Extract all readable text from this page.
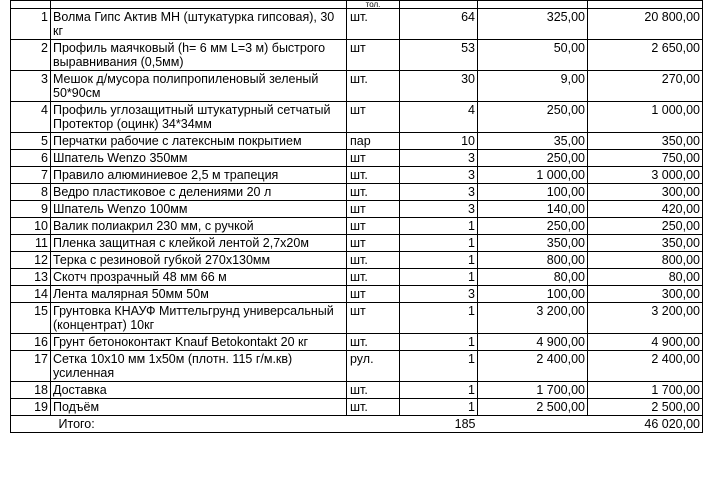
		тол.			
1	Волма Гипс Актив МН (штукатурка гипсовая), 30 кг	шт.	64	325,00	20 800,00
2	Профиль маячковый (h= 6 мм L=3 м) быстрого выравнивания (0,5мм)	шт	53	50,00	2 650,00
3	Мешок д/мусора полипропиленовый зеленый 50*90см	шт.	30	9,00	270,00
4	Профиль углозащитный штукатурный сетчатый Протектор (оцинк) 34*34мм	шт	4	250,00	1 000,00
5	Перчатки рабочие с латексным покрытием	пар	10	35,00	350,00
6	Шпатель Wenzo 350мм	шт	3	250,00	750,00
7	Правило алюминиевое 2,5 м трапеция	шт.	3	1 000,00	3 000,00
8	Ведро пластиковое с делениями 20 л	шт.	3	100,00	300,00
9	Шпатель Wenzo 100мм	шт	3	140,00	420,00
10	Валик полиакрил 230 мм, с ручкой	шт	1	250,00	250,00
11	Пленка защитная с клейкой лентой 2,7х20м	шт	1	350,00	350,00
12	Терка с резиновой губкой 270х130мм	шт.	1	800,00	800,00
13	Скотч прозрачный 48 мм 66 м	шт.	1	80,00	80,00
14	Лента малярная 50мм 50м	шт	3	100,00	300,00
15	Грунтовка КНАУФ Миттельгрунд универсальный (концентрат) 10кг	шт	1	3 200,00	3 200,00
16	Грунт бетоноконтакт Knauf Betokontakt 20 кг	шт.	1	4 900,00	4 900,00
17	Сетка 10х10 мм 1х50м (плотн. 115 г/м.кв) усиленная	рул.	1	2 400,00	2 400,00
18	Доставка	шт.	1	1 700,00	1 700,00
19	Подъём	шт.	1	2 500,00	2 500,00
	Итого:		185		46 020,00
